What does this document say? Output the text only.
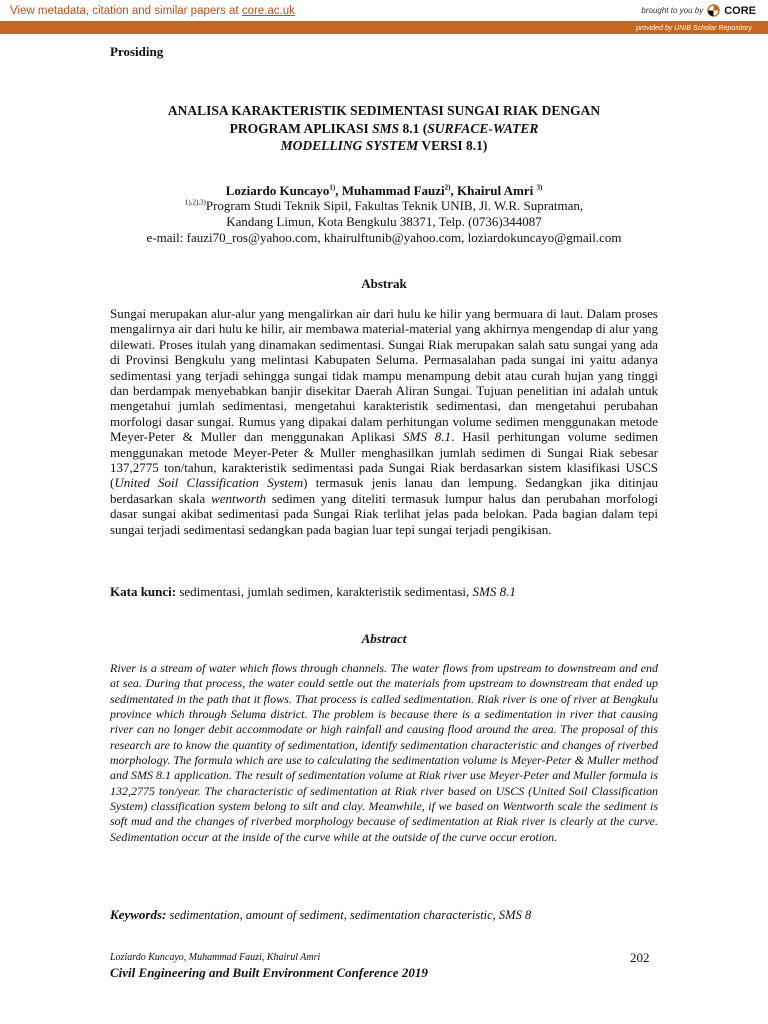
View metadata, citation and similar papers at core.ac.uk	brought to you by CORE
provided by UNIB Scholar Repository
Prosiding
ANALISA KARAKTERISTIK SEDIMENTASI SUNGAI RIAK DENGAN
PROGRAM APLIKASI SMS 8.1 (SURFACE-WATER
MODELLING SYSTEM VERSI 8.1)
Loziardo Kuncayo$^{1)}$, Muhammad Fauzi$^{2)}$, Khairul Amri $^{3)}$
$^{1),2),3)}$Program Studi Teknik Sipil, Fakultas Teknik UNIB, Jl. W.R. Supratman,
Kandang Limun, Kota Bengkulu 38371, Telp. (0736)344087
e-mail: fauzi70_ros@yahoo.com, khairulftunib@yahoo.com, loziardokuncayo@gmail.com
Abstrak
Sungai merupakan alur-alur yang mengalirkan air dari hulu ke hilir yang bermuara di laut. Dalam proses mengalirnya air dari hulu ke hilir, air membawa material-material yang akhirnya mengendap di alur yang dilewati. Proses itulah yang dinamakan sedimentasi. Sungai Riak merupakan salah satu sungai yang ada di Provinsi Bengkulu yang melintasi Kabupaten Seluma. Permasalahan pada sungai ini yaitu adanya sedimentasi yang terjadi sehingga sungai tidak mampu menampung debit atau curah hujan yang tinggi dan berdampak menyebabkan banjir disekitar Daerah Aliran Sungai. Tujuan penelitian ini adalah untuk mengetahui jumlah sedimentasi, mengetahui karakteristik sedimentasi, dan mengetahui perubahan morfologi dasar sungai. Rumus yang dipakai dalam perhitungan volume sedimen menggunakan metode Meyer-Peter & Muller dan menggunakan Aplikasi SMS 8.1. Hasil perhitungan volume sedimen menggunakan metode Meyer-Peter & Muller menghasilkan jumlah sedimen di Sungai Riak sebesar 137,2775 ton/tahun, karakteristik sedimentasi pada Sungai Riak berdasarkan sistem klasifikasi USCS (United Soil Classification System) termasuk jenis lanau dan lempung. Sedangkan jika ditinjau berdasarkan skala wentworth sedimen yang diteliti termasuk lumpur halus dan perubahan morfologi dasar sungai akibat sedimentasi pada Sungai Riak terlihat jelas pada belokan. Pada bagian dalam tepi sungai terjadi sedimentasi sedangkan pada bagian luar tepi sungai terjadi pengikisan.
Kata kunci: sedimentasi, jumlah sedimen, karakteristik sedimentasi, SMS 8.1
Abstract
River is a stream of water which flows through channels. The water flows from upstream to downstream and end at sea. During that process, the water could settle out the materials from upstream to downstream that ended up sedimentated in the path that it flows. That process is called sedimentation. Riak river is one of river at Bengkulu province which through Seluma district. The problem is because there is a sedimentation in river that causing river can no longer debit accommodate or high rainfall and causing flood around the area. The proposal of this research are to know the quantity of sedimentation, identify sedimentation characteristic and changes of riverbed morphology. The formula which are use to calculating the sedimentation volume is Meyer-Peter & Muller method and SMS 8.1 application. The result of sedimentation volume at Riak river use Meyer-Peter and Muller formula is 132,2775 ton/year. The characteristic of sedimentation at Riak river based on USCS (United Soil Classification System) classification system belong to silt and clay. Meanwhile, if we based on Wentworth scale the sediment is soft mud and the changes of riverbed morphology because of sedimentation at Riak river is clearly at the curve. Sedimentation occur at the inside of the curve while at the outside of the curve occur erotion.
Keywords: sedimentation, amount of sediment, sedimentation characteristic, SMS 8
Loziardo Kuncayo, Muhammad Fauzi, Khairul Amri	202
Civil Engineering and Built Environment Conference 2019
